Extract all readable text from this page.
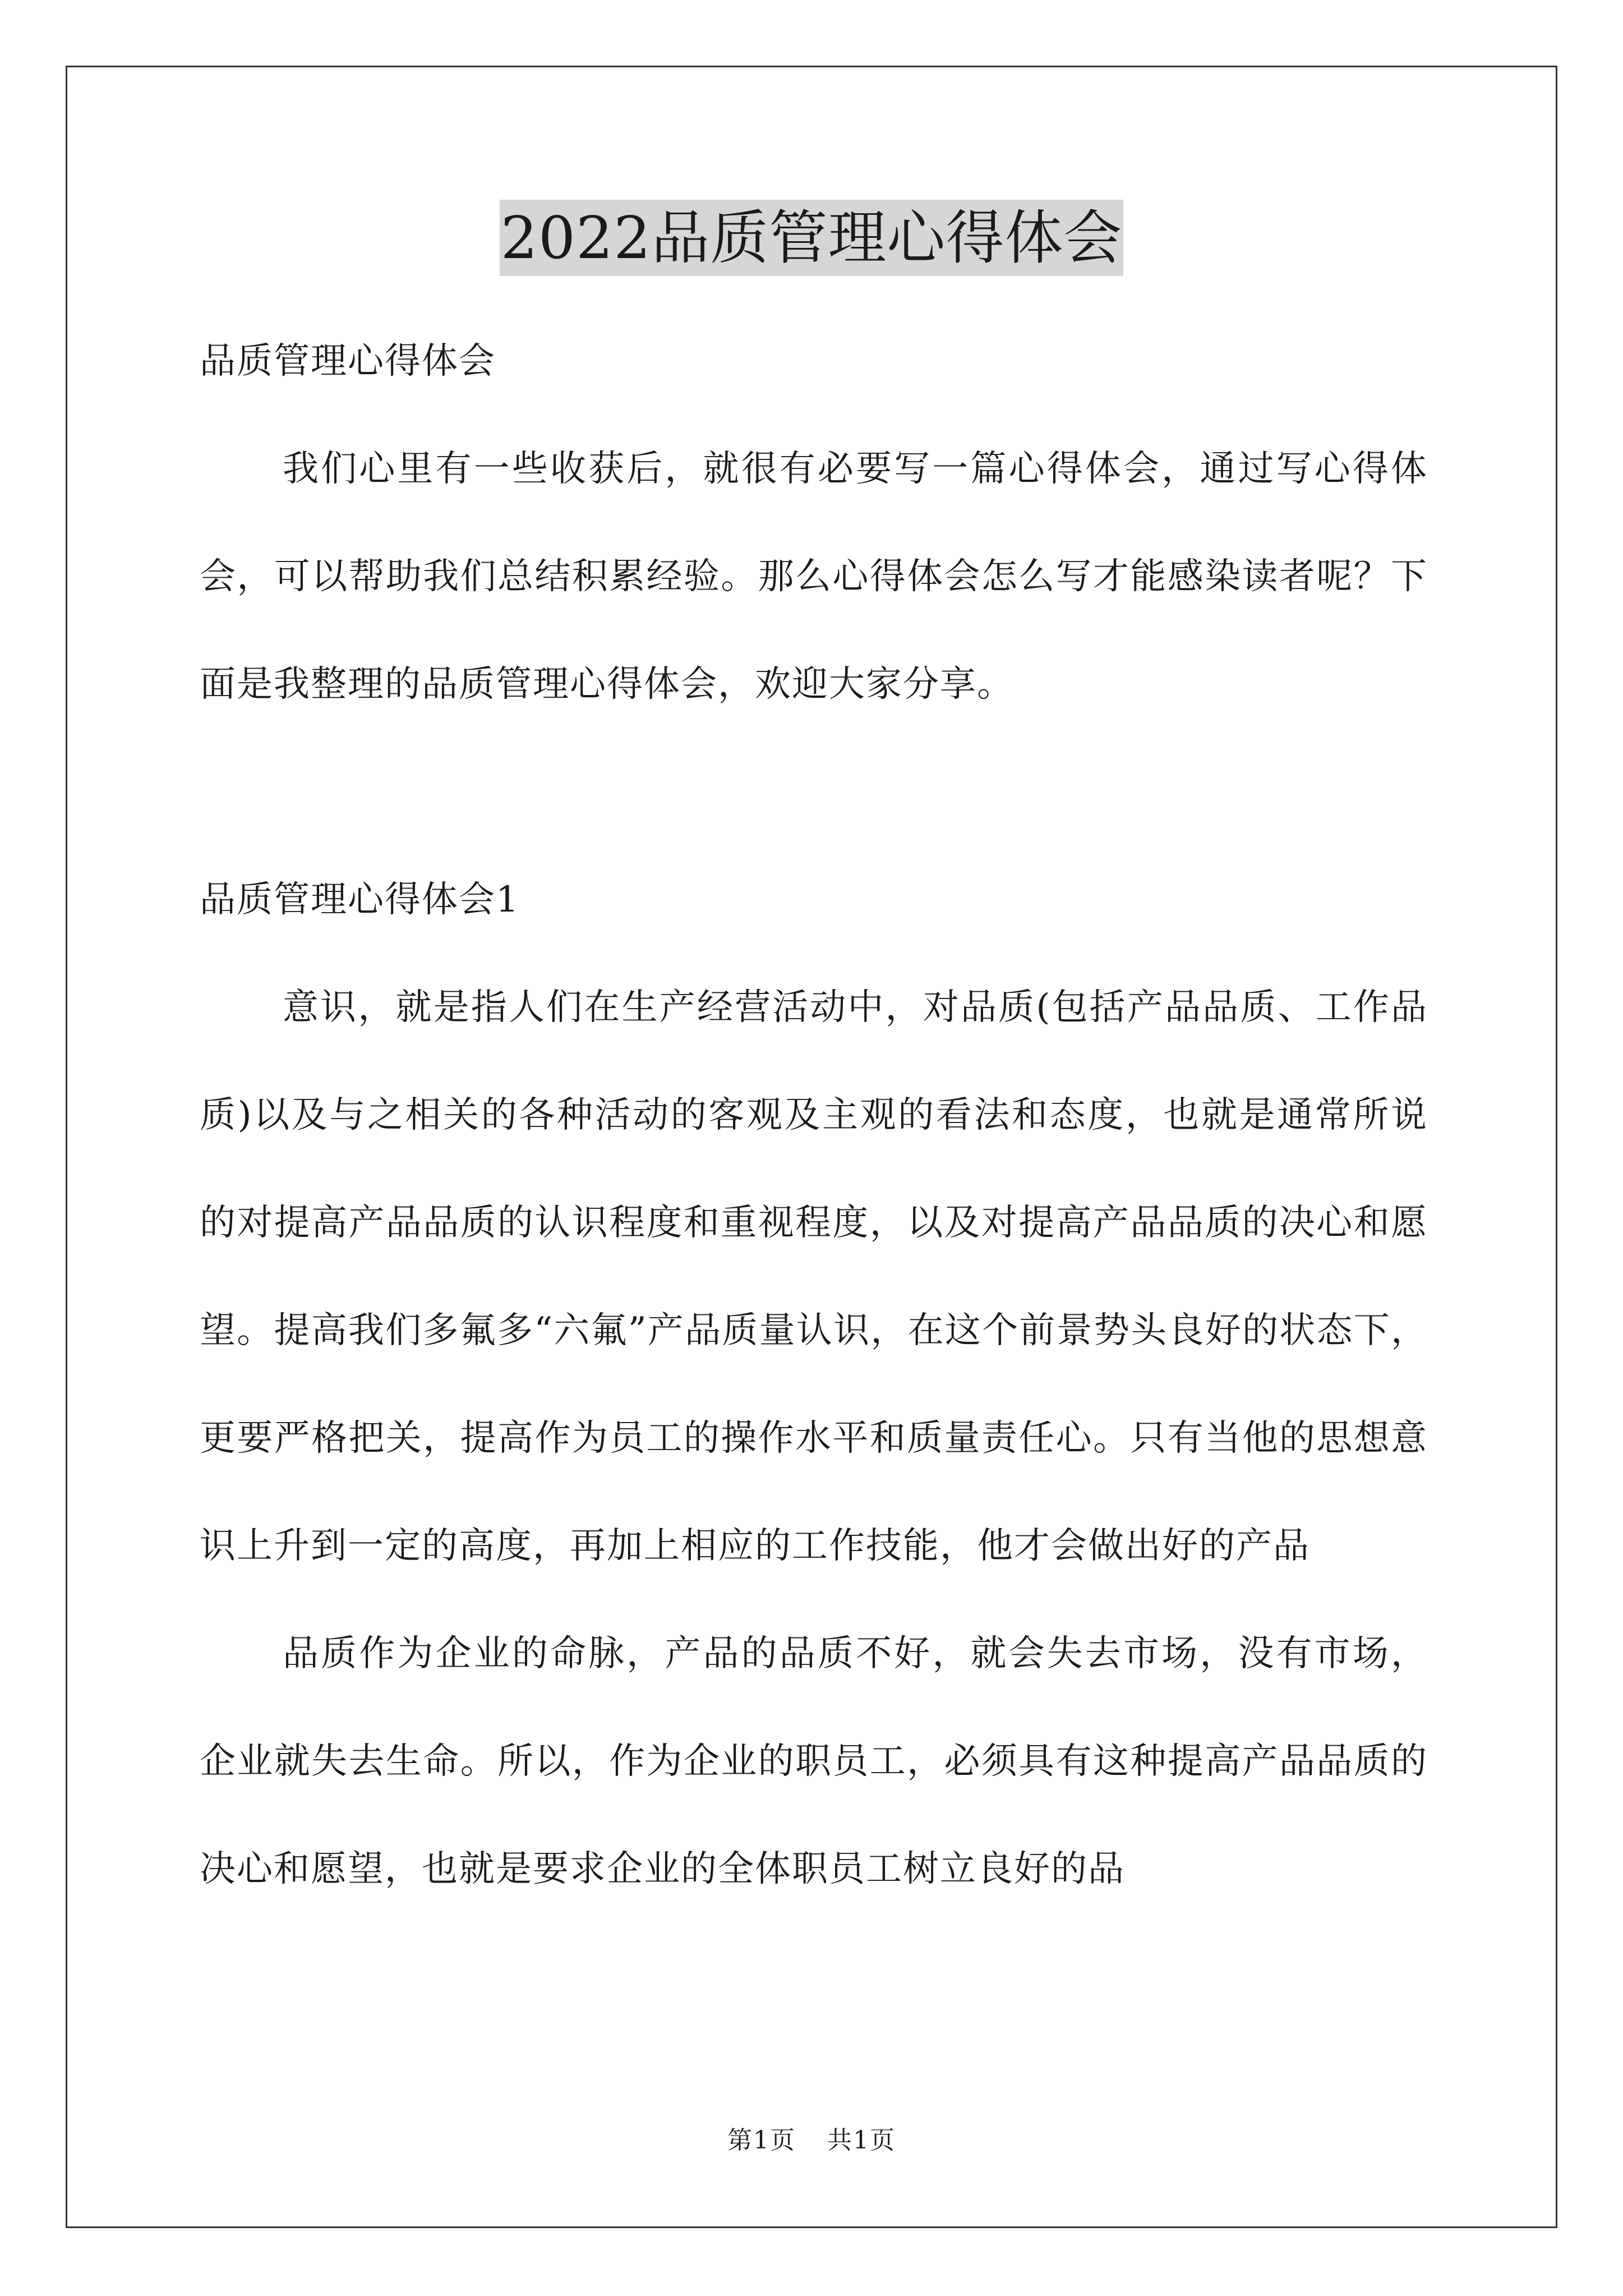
2022品质管理心得体会

品质管理心得体会

我们心里有一些收获后，就很有必要写一篇心得体会，通过写心得体会，可以帮助我们总结积累经验。那么心得体会怎么写才能感染读者呢？下面是我整理的品质管理心得体会，欢迎大家分享。

品质管理心得体会1

意识，就是指人们在生产经营活动中，对品质(包括产品品质、工作品质)以及与之相关的各种活动的客观及主观的看法和态度，也就是通常所说的对提高产品品质的认识程度和重视程度，以及对提高产品品质的决心和愿望。提高我们多氟多“六氟”产品质量认识，在这个前景势头良好的状态下，更要严格把关，提高作为员工的操作水平和质量责任心。只有当他的思想意识上升到一定的高度，再加上相应的工作技能，他才会做出好的产品

品质作为企业的命脉，产品的品质不好，就会失去市场，没有市场，企业就失去生命。所以，作为企业的职员工，必须具有这种提高产品品质的决心和愿望，也就是要求企业的全体职员工树立良好的品

第1页 共1页
